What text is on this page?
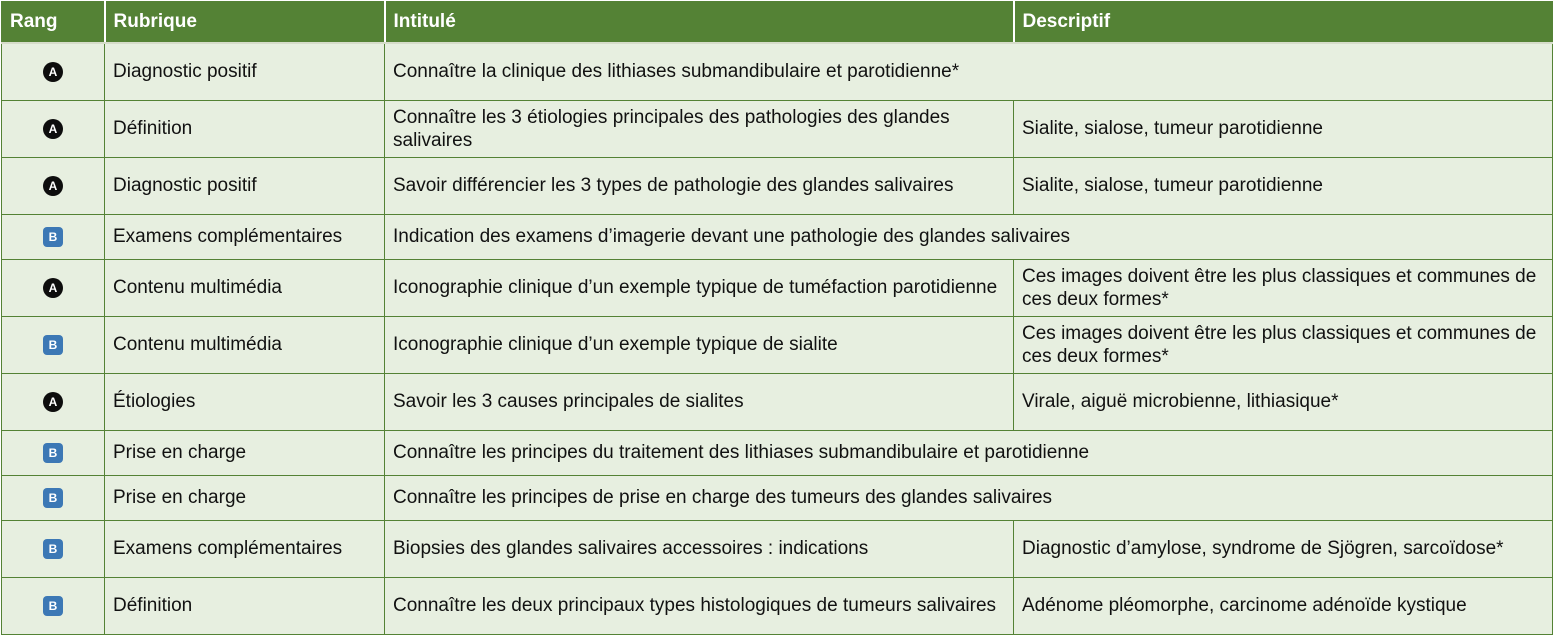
Rang	Rubrique	Intitulé	Descriptif
A	Diagnostic positif	Connaître la clinique des lithiases submandibulaire et parotidienne*	
A	Définition	Connaître les 3 étiologies principales des pathologies des glandes salivaires	Sialite, sialose, tumeur parotidienne
A	Diagnostic positif	Savoir différencier les 3 types de pathologie des glandes salivaires	Sialite, sialose, tumeur parotidienne
B	Examens complémentaires	Indication des examens d’imagerie devant une pathologie des glandes salivaires	
A	Contenu multimédia	Iconographie clinique d’un exemple typique de tuméfaction parotidienne	Ces images doivent être les plus classiques et communes de ces deux formes*
B	Contenu multimédia	Iconographie clinique d’un exemple typique de sialite	Ces images doivent être les plus classiques et communes de ces deux formes*
A	Étiologies	Savoir les 3 causes principales de sialites	Virale, aiguë microbienne, lithiasique*
B	Prise en charge	Connaître les principes du traitement des lithiases submandibulaire et parotidienne	
B	Prise en charge	Connaître les principes de prise en charge des tumeurs des glandes salivaires	
B	Examens complémentaires	Biopsies des glandes salivaires accessoires : indications	Diagnostic d’amylose, syndrome de Sjögren, sarcoïdose*
B	Définition	Connaître les deux principaux types histologiques de tumeurs salivaires	Adénome pléomorphe, carcinome adénoïde kystique
